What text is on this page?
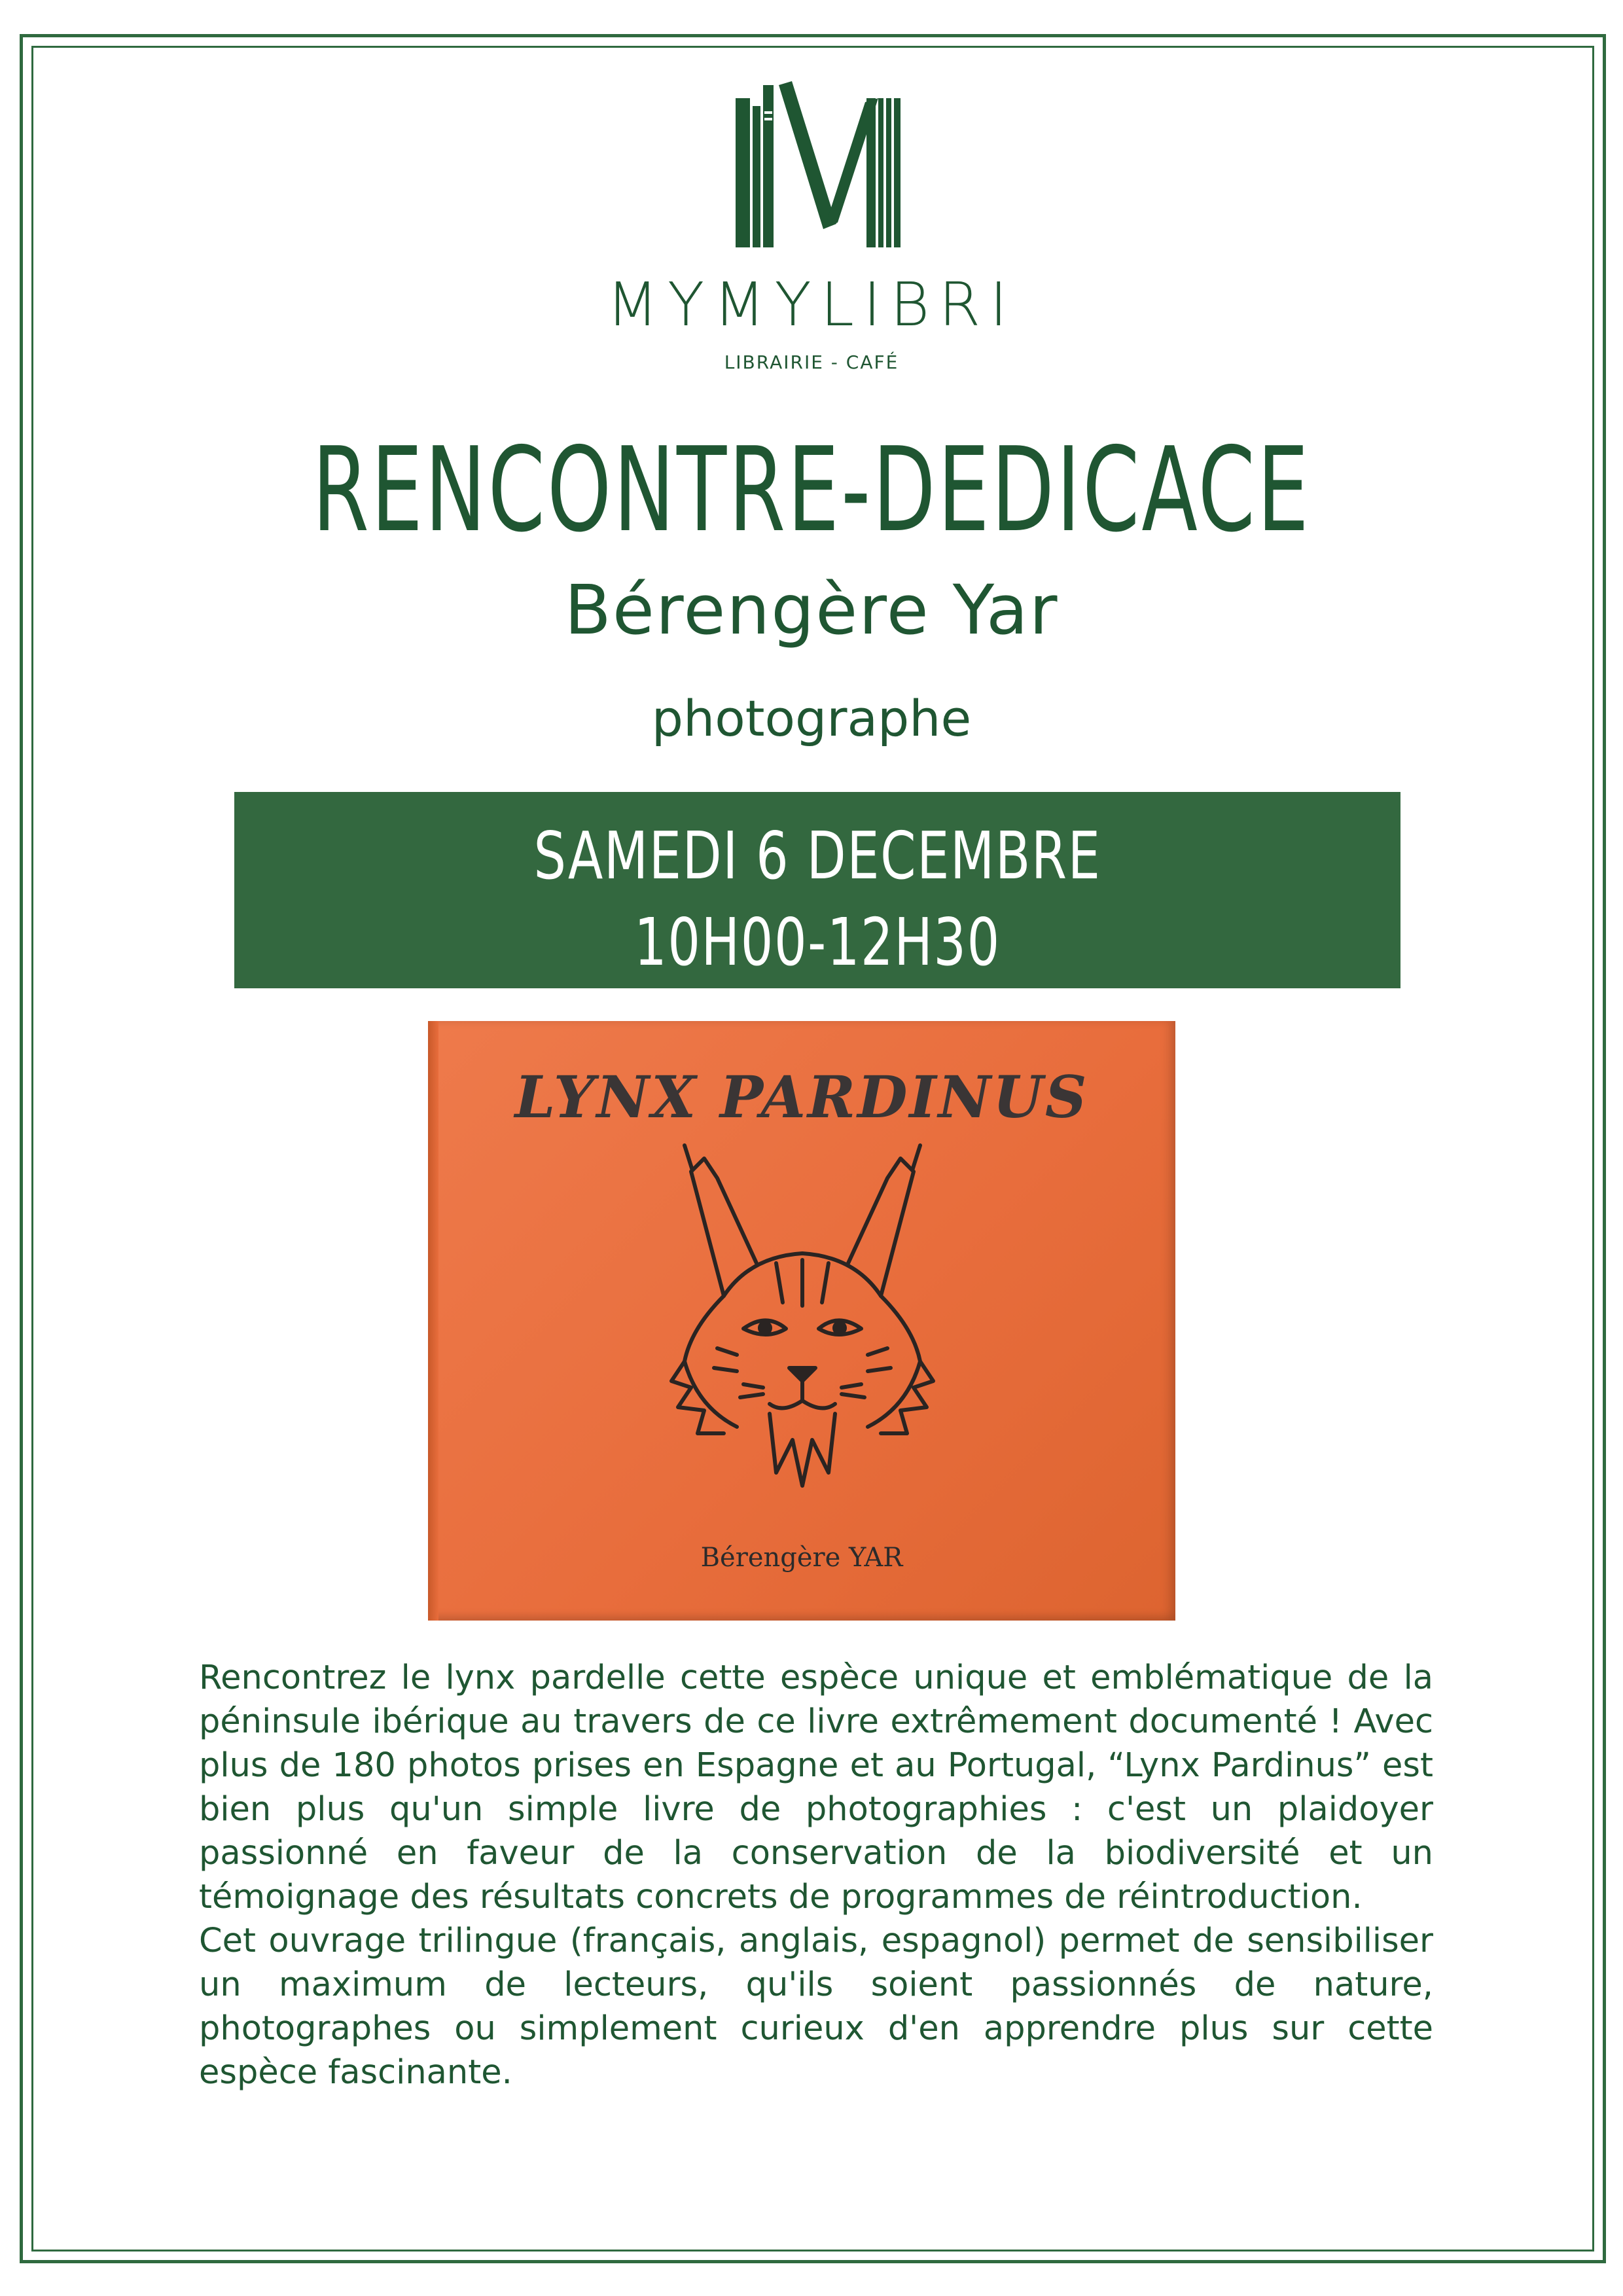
MYMYLIBRI
LIBRAIRIE - CAFÉ
RENCONTRE-DEDICACE
Bérengère Yar
photographe
SAMEDI 6 DECEMBRE
10H00-12H30
LYNX PARDINUS
Bérengère YAR

Rencontrez le lynx pardelle cette espèce unique et emblématique de la péninsule ibérique au travers de ce livre extrêmement documenté ! Avec plus de 180 photos prises en Espagne et au Portugal, “Lynx Pardinus” est bien plus qu'un simple livre de photographies : c'est un plaidoyer passionné en faveur de la conservation de la biodiversité et un témoignage des résultats concrets de programmes de réintroduction.

Cet ouvrage trilingue (français, anglais, espagnol) permet de sensibiliser un maximum de lecteurs, qu'ils soient passionnés de nature, photographes ou simplement curieux d'en apprendre plus sur cette espèce fascinante.
